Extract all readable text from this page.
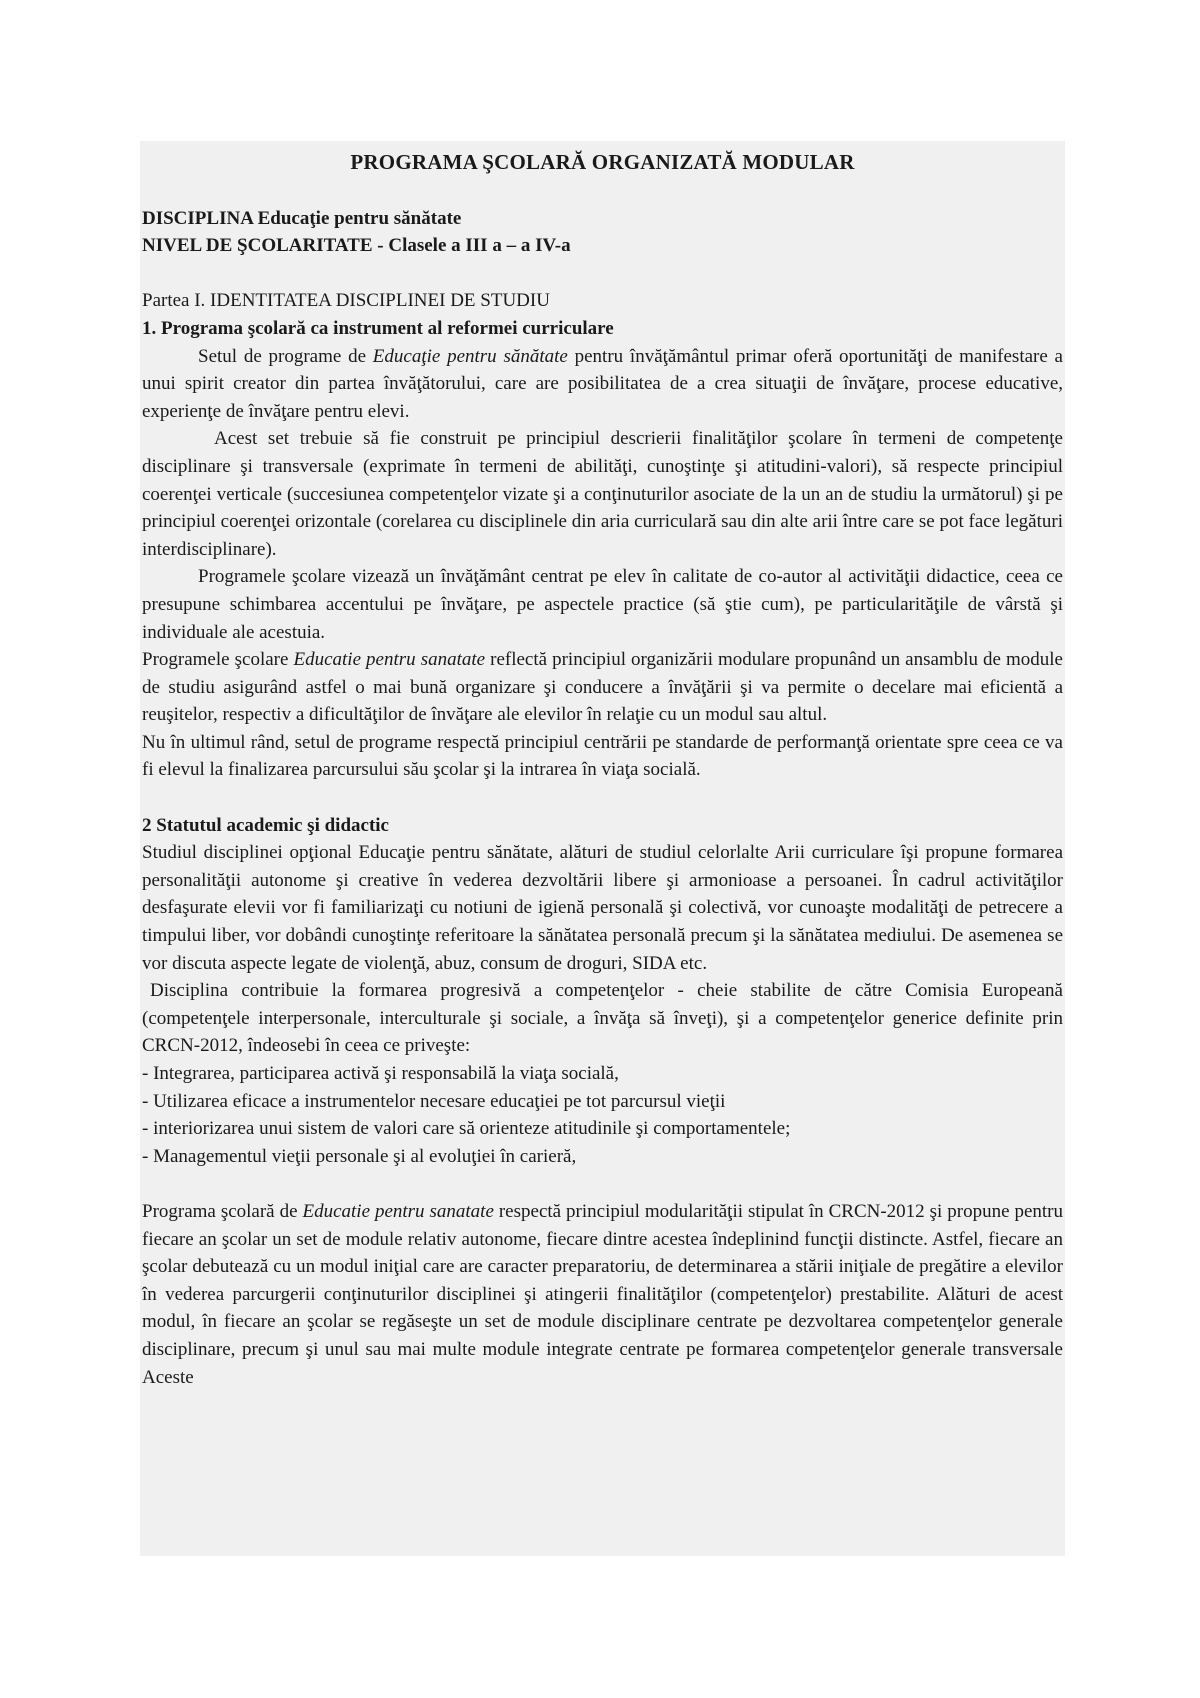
PROGRAMA ŞCOLARĂ ORGANIZATĂ MODULAR
DISCIPLINA Educaţie pentru sănătate
NIVEL DE ŞCOLARITATE - Clasele a III a – a IV-a
Partea I. IDENTITATEA DISCIPLINEI DE STUDIU
1. Programa şcolară ca instrument al reformei curriculare

Setul de programe de Educaţie pentru sănătate pentru învăţământul primar oferă oportunităţi de manifestare a unui spirit creator din partea învăţătorului, care are posibilitatea de a crea situaţii de învăţare, procese educative, experienţe de învăţare pentru elevi.

Acest set trebuie să fie construit pe principiul descrierii finalităţilor şcolare în termeni de competenţe disciplinare şi transversale (exprimate în termeni de abilităţi, cunoştinţe şi atitudini-valori), să respecte principiul coerenţei verticale (succesiunea competenţelor vizate şi a conţinuturilor asociate de la un an de studiu la următorul) şi pe principiul coerenţei orizontale (corelarea cu disciplinele din aria curriculară sau din alte arii între care se pot face legături interdisciplinare).

Programele şcolare vizează un învăţământ centrat pe elev în calitate de co-autor al activităţii didactice, ceea ce presupune schimbarea accentului pe învăţare, pe aspectele practice (să ştie cum), pe particularităţile de vârstă şi individuale ale acestuia.

Programele şcolare Educatie pentru sanatate reflectă principiul organizării modulare propunând un ansamblu de module de studiu asigurând astfel o mai bună organizare şi conducere a învăţării şi va permite o decelare mai eficientă a reuşitelor, respectiv a dificultăţilor de învăţare ale elevilor în relaţie cu un modul sau altul.

Nu în ultimul rând, setul de programe respectă principiul centrării pe standarde de performanţă orientate spre ceea ce va fi elevul la finalizarea parcursului său şcolar şi la intrarea în viaţa socială.

2 Statutul academic şi didactic

Studiul disciplinei opţional Educaţie pentru sănătate, alături de studiul celorlalte Arii curriculare îşi propune formarea personalităţii autonome şi creative în vederea dezvoltării libere şi armonioase a persoanei. În cadrul activităţilor desfaşurate elevii vor fi familiarizaţi cu notiuni de igienă personală şi colectivă, vor cunoaşte modalităţi de petrecere a timpului liber, vor dobândi cunoştinţe referitoare la sănătatea personală precum şi la sănătatea mediului. De asemenea se vor discuta aspecte legate de violenţă, abuz, consum de droguri, SIDA etc.

Disciplina contribuie la formarea progresivă a competenţelor - cheie stabilite de către Comisia Europeană (competenţele interpersonale, interculturale şi sociale, a învăţa să înveţi), şi a competenţelor generice definite prin CRCN-2012, îndeosebi în ceea ce priveşte:

- Integrarea, participarea activă şi responsabilă la viaţa socială,
- Utilizarea eficace a instrumentelor necesare educaţiei pe tot parcursul vieţii
- interiorizarea unui sistem de valori care să orienteze atitudinile şi comportamentele;
- Managementul vieţii personale şi al evoluţiei în carieră,

Programa şcolară de Educatie pentru sanatate respectă principiul modularităţii stipulat în CRCN-2012 şi propune pentru fiecare an şcolar un set de module relativ autonome, fiecare dintre acestea îndeplinind funcţii distincte. Astfel, fiecare an şcolar debutează cu un modul iniţial care are caracter preparatoriu, de determinarea a stării iniţiale de pregătire a elevilor în vederea parcurgerii conţinuturilor disciplinei şi atingerii finalităţilor (competenţelor) prestabilite. Alături de acest modul, în fiecare an şcolar se regăseşte un set de module disciplinare centrate pe dezvoltarea competenţelor generale disciplinare, precum şi unul sau mai multe module integrate centrate pe formarea competenţelor generale transversale Aceste
